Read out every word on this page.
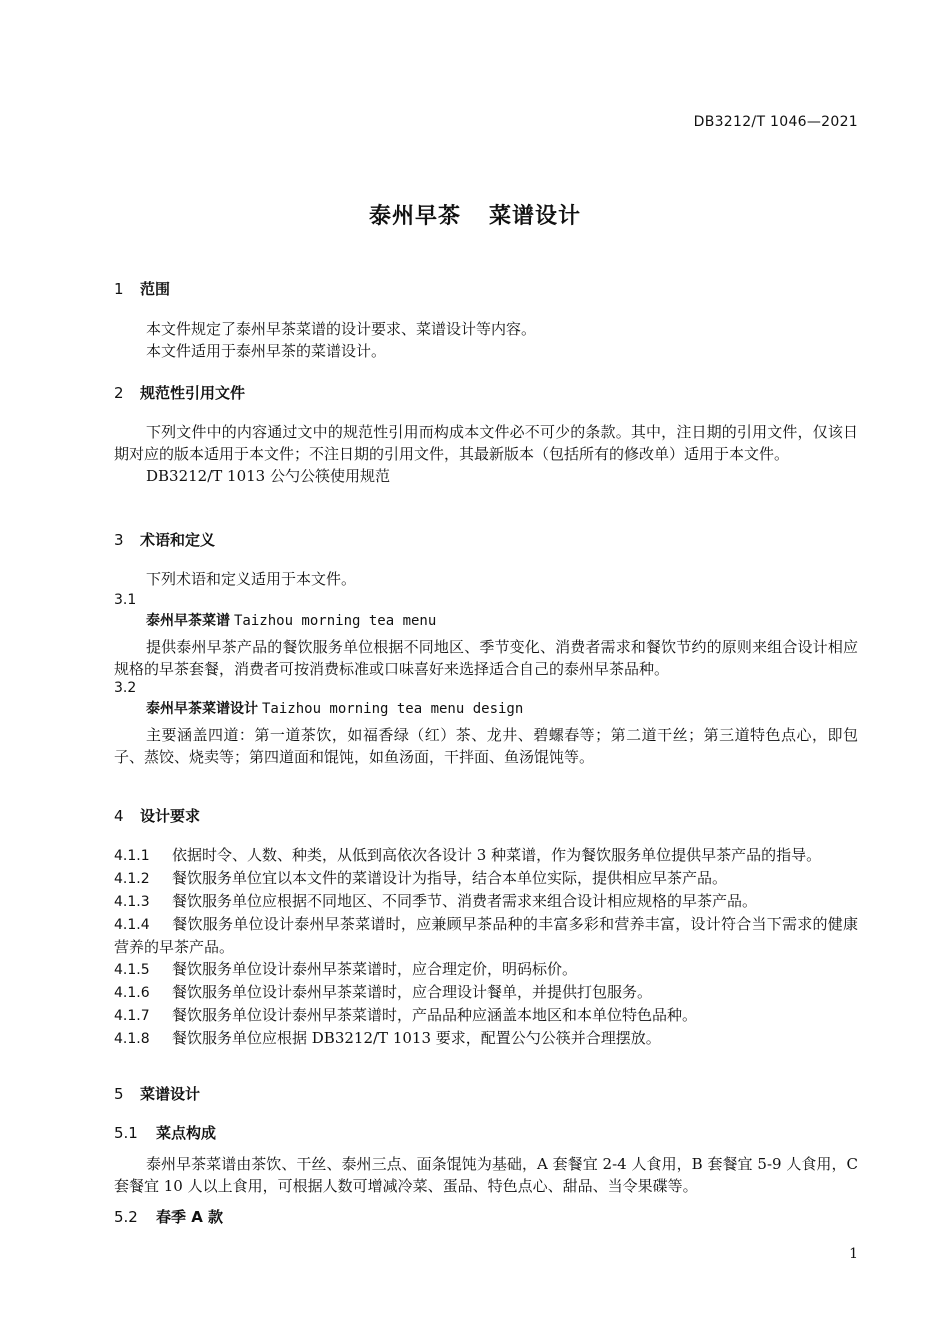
DB3212/T 1046—2021
泰州早茶 菜谱设计
1 范围
本文件规定了泰州早茶菜谱的设计要求、菜谱设计等内容。
本文件适用于泰州早茶的菜谱设计。
2 规范性引用文件
下列文件中的内容通过文中的规范性引用而构成本文件必不可少的条款。其中，注日期的引用文件，仅该日期对应的版本适用于本文件；不注日期的引用文件，其最新版本（包括所有的修改单）适用于本文件。
DB3212/T 1013 公勺公筷使用规范
3 术语和定义
下列术语和定义适用于本文件。
3.1
泰州早茶菜谱 Taizhou morning tea menu
提供泰州早茶产品的餐饮服务单位根据不同地区、季节变化、消费者需求和餐饮节约的原则来组合设计相应规格的早茶套餐，消费者可按消费标准或口味喜好来选择适合自己的泰州早茶品种。
3.2
泰州早茶菜谱设计 Taizhou morning tea menu design
主要涵盖四道：第一道茶饮，如福香绿（红）茶、龙井、碧螺春等；第二道干丝；第三道特色点心，即包子、蒸饺、烧卖等；第四道面和馄饨，如鱼汤面，干拌面、鱼汤馄饨等。
4 设计要求
4.1.1 依据时令、人数、种类，从低到高依次各设计 3 种菜谱，作为餐饮服务单位提供早茶产品的指导。
4.1.2 餐饮服务单位宜以本文件的菜谱设计为指导，结合本单位实际，提供相应早茶产品。
4.1.3 餐饮服务单位应根据不同地区、不同季节、消费者需求来组合设计相应规格的早茶产品。
4.1.4 餐饮服务单位设计泰州早茶菜谱时，应兼顾早茶品种的丰富多彩和营养丰富，设计符合当下需求的健康营养的早茶产品。
4.1.5 餐饮服务单位设计泰州早茶菜谱时，应合理定价，明码标价。
4.1.6 餐饮服务单位设计泰州早茶菜谱时，应合理设计餐单，并提供打包服务。
4.1.7 餐饮服务单位设计泰州早茶菜谱时，产品品种应涵盖本地区和本单位特色品种。
4.1.8 餐饮服务单位应根据 DB3212/T 1013 要求，配置公勺公筷并合理摆放。
5 菜谱设计
5.1 菜点构成
泰州早茶菜谱由茶饮、干丝、泰州三点、面条馄饨为基础，A 套餐宜 2-4 人食用，B 套餐宜 5-9 人食用，C 套餐宜 10 人以上食用，可根据人数可增减冷菜、蛋品、特色点心、甜品、当令果碟等。
5.2 春季 A 款
1
